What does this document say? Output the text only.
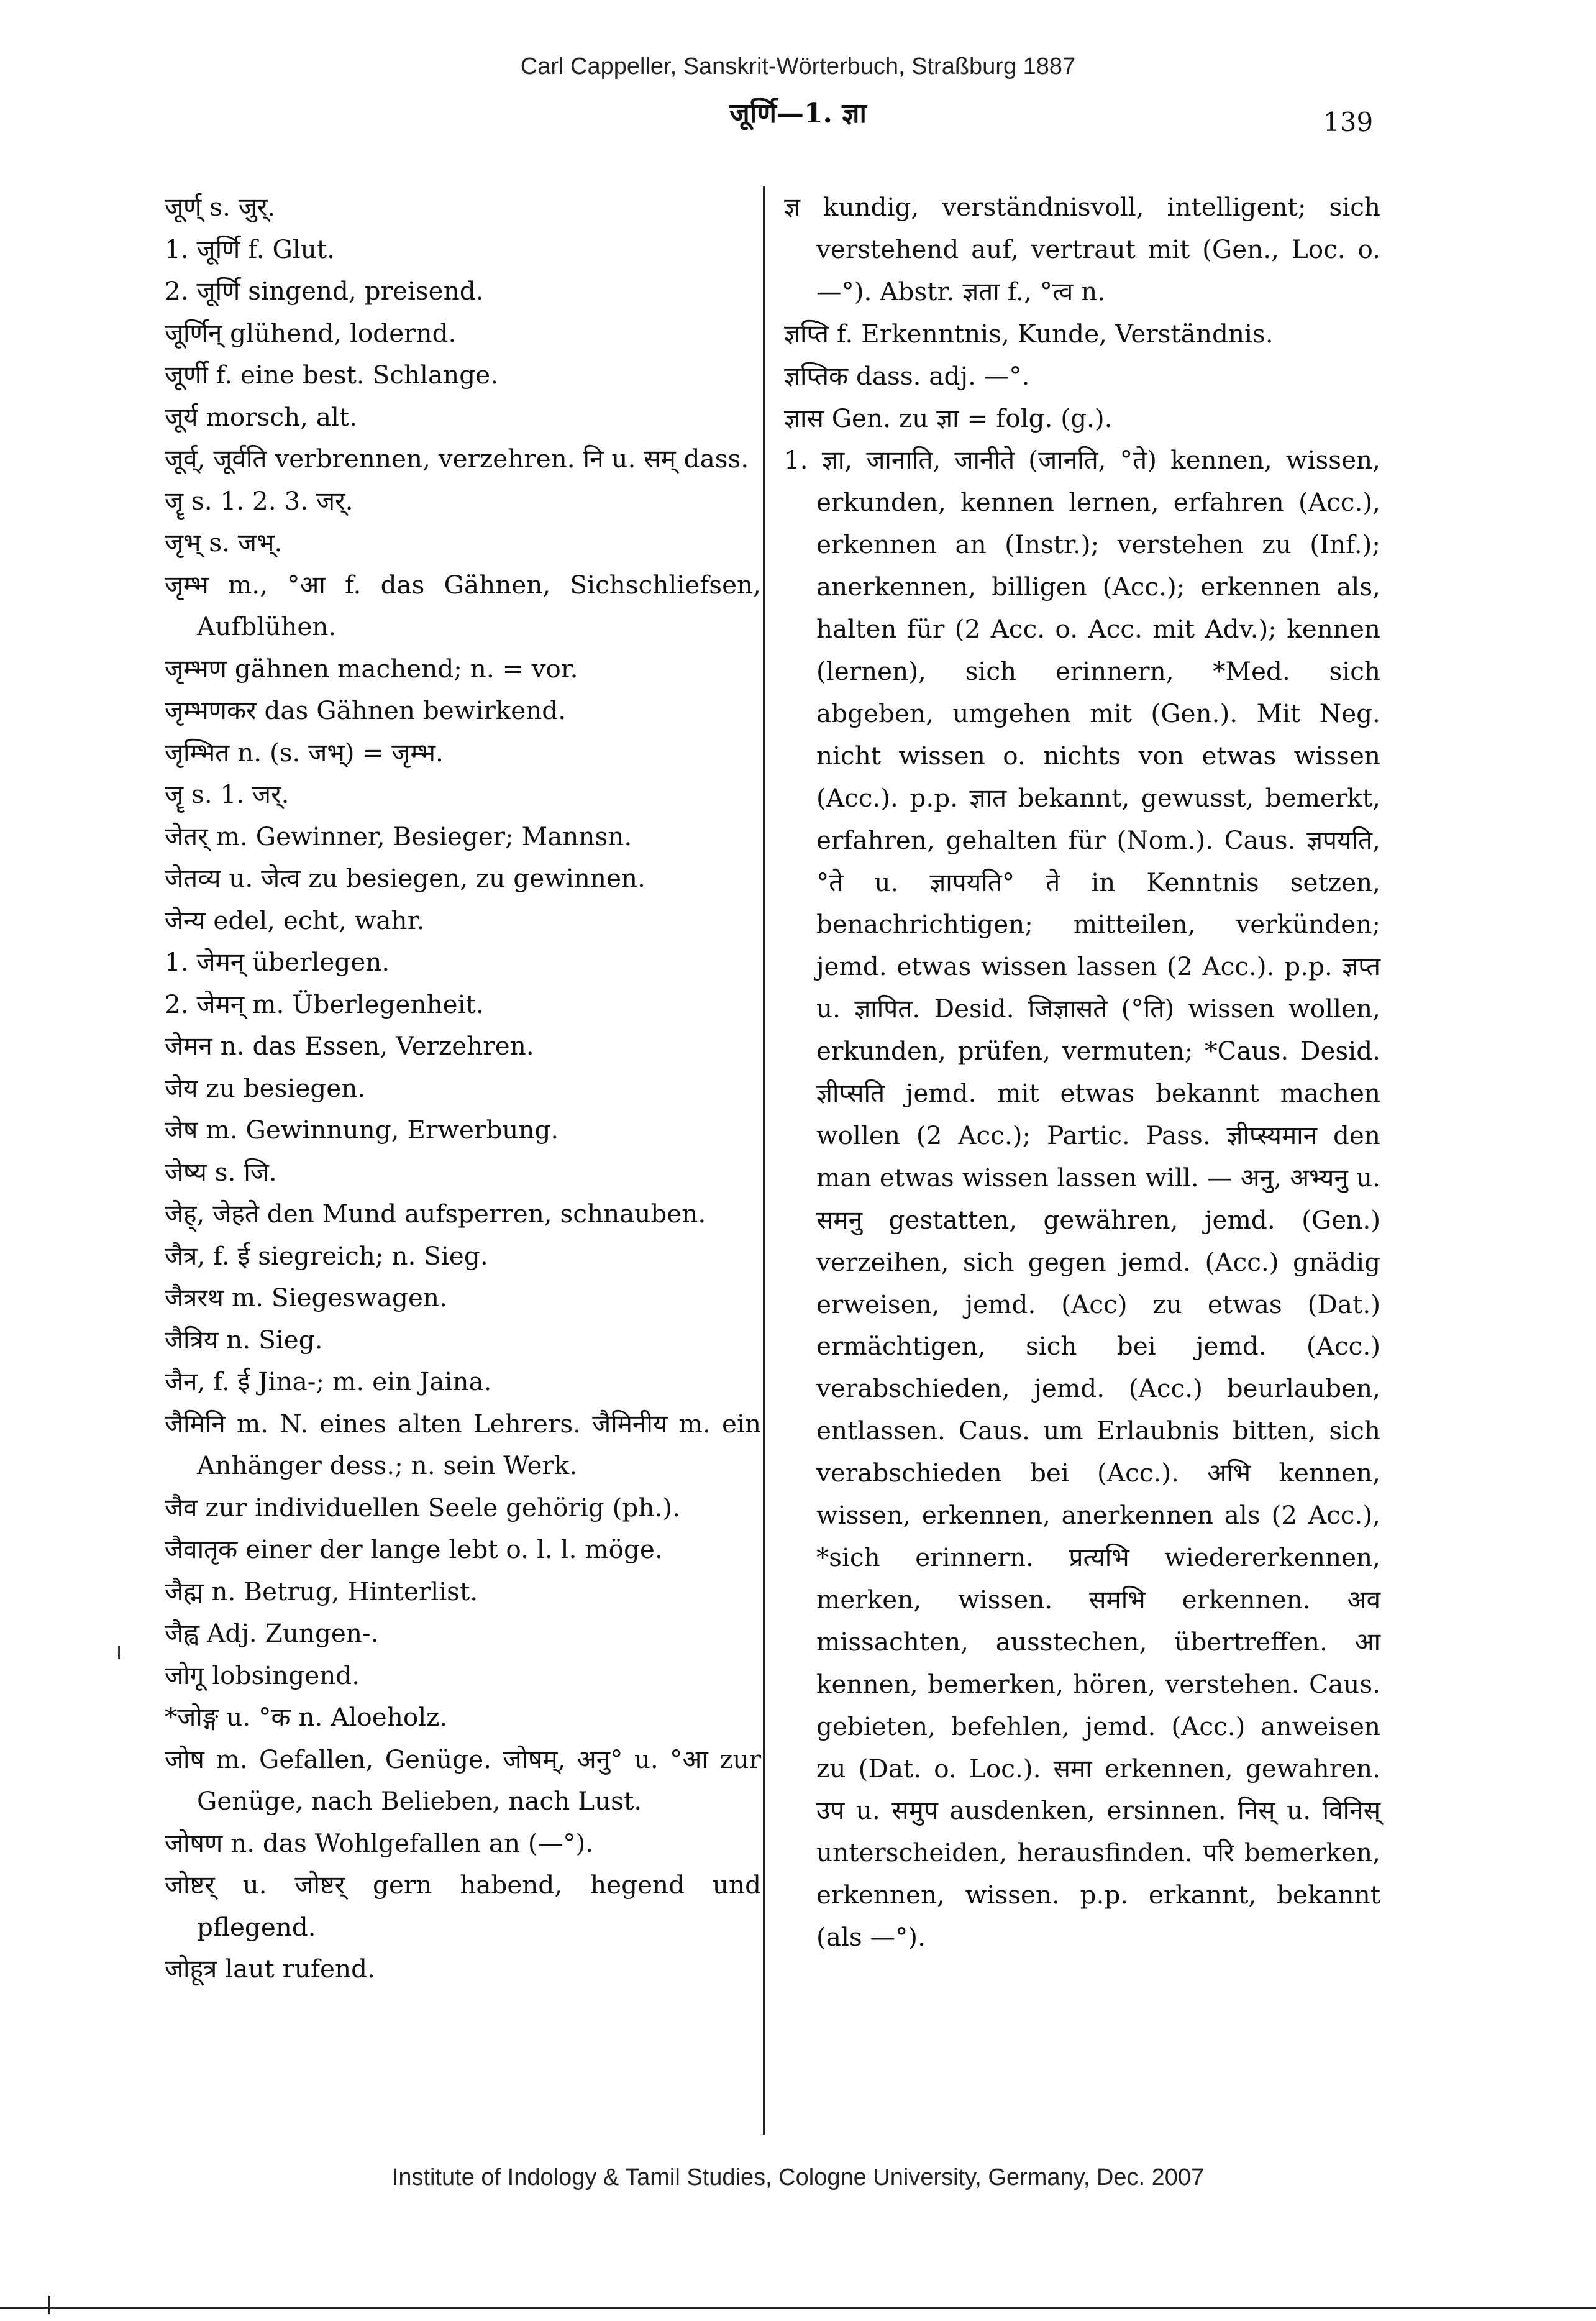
Carl Cappeller, Sanskrit-Wörterbuch, Straßburg 1887
जूर्णि—1. ज्ञा	139

जूर्ण् s. जुर्.

1. जूर्णि f. Glut.

2. जूर्णि singend, preisend.

जूर्णिन् glühend, lodernd.

जूर्णी f. eine best. Schlange.

जूर्य morsch, alt.

जूर्व्, जूर्वति verbrennen, verzehren. नि u. सम् dass.

जॄ s. 1. 2. 3. जर्.

जृभ् s. जभ्.

जृम्भ m., °आ f. das Gähnen, Sichschliefsen, Aufblühen.

जृम्भण gähnen machend; n. = vor.

जृम्भणकर das Gähnen bewirkend.

जृम्भित n. (s. जभ्) = जृम्भ.

जॄ s. 1. जर्.

जेतर् m. Gewinner, Besieger; Mannsn.

जेतव्य u. जेत्व zu besiegen, zu gewinnen.

जेन्य edel, echt, wahr.

1. जेमन् überlegen.

2. जेमन् m. Überlegenheit.

जेमन n. das Essen, Verzehren.

जेय zu besiegen.

जेष m. Gewinnung, Erwerbung.

जेष्य s. जि.

जेह्, जेहते den Mund aufsperren, schnauben.

जैत्र, f. ई siegreich; n. Sieg.

जैत्ररथ m. Siegeswagen.

जैत्रिय n. Sieg.

जैन, f. ई Jina-; m. ein Jaina.

जैमिनि m. N. eines alten Lehrers. जैमिनीय m. ein Anhänger dess.; n. sein Werk.

जैव zur individuellen Seele gehörig (ph.).

जैवातृक einer der lange lebt o. l. l. möge.

जैह्म n. Betrug, Hinterlist.

जैह्व Adj. Zungen-.

जोगू lobsingend.

*जोङ्ग u. °क n. Aloeholz.

जोष m. Gefallen, Genüge. जोषम्, अनु° u. °आ zur Genüge, nach Belieben, nach Lust.

जोषण n. das Wohlgefallen an (—°).

जोष्टर् u. जोष्टर् gern habend, hegend und pflegend.

जोहूत्र laut rufend.

ज्ञ kundig, verständnisvoll, intelligent; sich verstehend auf, vertraut mit (Gen., Loc. o. —°). Abstr. ज्ञता f., °त्व n.

ज्ञप्ति f. Erkenntnis, Kunde, Verständnis.

ज्ञप्तिक dass. adj. —°.

ज्ञास Gen. zu ज्ञा = folg. (g.).

1. ज्ञा, जानाति, जानीते (जानति, °ते) kennen, wissen, erkunden, kennen lernen, erfahren (Acc.), erkennen an (Instr.); verstehen zu (Inf.); anerkennen, billigen (Acc.); erkennen als, halten für (2 Acc. o. Acc. mit Adv.); kennen (lernen), sich erinnern, *Med. sich abgeben, umgehen mit (Gen.). Mit Neg. nicht wissen o. nichts von etwas wissen (Acc.). p.p. ज्ञात bekannt, gewusst, bemerkt, erfahren, gehalten für (Nom.). Caus. ज्ञपयति, °ते u. ज्ञापयति° ते in Kenntnis setzen, benachrichtigen; mitteilen, verkünden; jemd. etwas wissen lassen (2 Acc.). p.p. ज्ञप्त u. ज्ञापित. Desid. जिज्ञासते (°ति) wissen wollen, erkunden, prüfen, vermuten; *Caus. Desid. ज्ञीप्सति jemd. mit etwas bekannt machen wollen (2 Acc.); Partic. Pass. ज्ञीप्स्यमान den man etwas wissen lassen will. — अनु, अभ्यनु u. समनु gestatten, gewähren, jemd. (Gen.) verzeihen, sich gegen jemd. (Acc.) gnädig erweisen, jemd. (Acc) zu etwas (Dat.) ermächtigen, sich bei jemd. (Acc.) verabschieden, jemd. (Acc.) beurlauben, entlassen. Caus. um Erlaubnis bitten, sich verabschieden bei (Acc.). अभि kennen, wissen, erkennen, anerkennen als (2 Acc.), *sich erinnern. प्रत्यभि wiedererkennen, merken, wissen. समभि erkennen. अव missachten, ausstechen, übertreffen. आ kennen, bemerken, hören, verstehen. Caus. gebieten, befehlen, jemd. (Acc.) anweisen zu (Dat. o. Loc.). समा erkennen, gewahren. उप u. समुप ausdenken, ersinnen. निस् u. विनिस् unterscheiden, herausfinden. परि bemerken, erkennen, wissen. p.p. erkannt, bekannt (als —°).

Institute of Indology & Tamil Studies, Cologne University, Germany, Dec. 2007
